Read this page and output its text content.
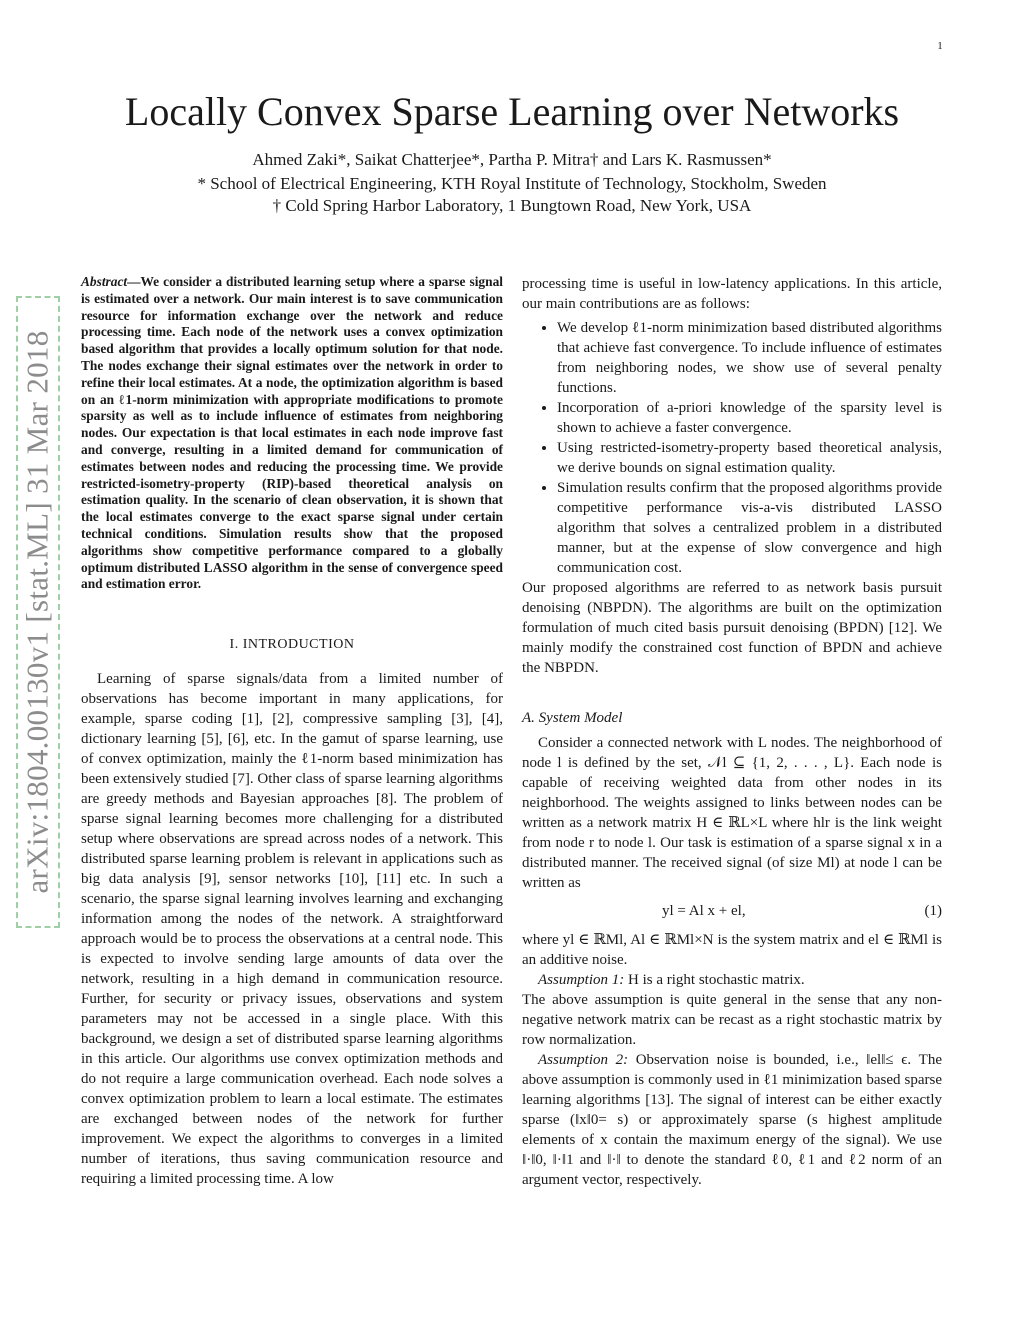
1
arXiv:1804.00130v1 [stat.ML] 31 Mar 2018
Locally Convex Sparse Learning over Networks
Ahmed Zaki*, Saikat Chatterjee*, Partha P. Mitra† and Lars K. Rasmussen*
* School of Electrical Engineering, KTH Royal Institute of Technology, Stockholm, Sweden
† Cold Spring Harbor Laboratory, 1 Bungtown Road, New York, USA

Abstract—We consider a distributed learning setup where a sparse signal is estimated over a network. Our main interest is to save communication resource for information exchange over the network and reduce processing time. Each node of the network uses a convex optimization based algorithm that provides a locally optimum solution for that node. The nodes exchange their signal estimates over the network in order to refine their local estimates. At a node, the optimization algorithm is based on an ℓ1-norm minimization with appropriate modifications to promote sparsity as well as to include influence of estimates from neighboring nodes. Our expectation is that local estimates in each node improve fast and converge, resulting in a limited demand for communication of estimates between nodes and reducing the processing time. We provide restricted-isometry-property (RIP)-based theoretical analysis on estimation quality. In the scenario of clean observation, it is shown that the local estimates converge to the exact sparse signal under certain technical conditions. Simulation results show that the proposed algorithms show competitive performance compared to a globally optimum distributed LASSO algorithm in the sense of convergence speed and estimation error.

I. INTRODUCTION

Learning of sparse signals/data from a limited number of observations has become important in many applications, for example, sparse coding [1], [2], compressive sampling [3], [4], dictionary learning [5], [6], etc. In the gamut of sparse learning, use of convex optimization, mainly the ℓ1-norm based minimization has been extensively studied [7]. Other class of sparse learning algorithms are greedy methods and Bayesian approaches [8]. The problem of sparse signal learning becomes more challenging for a distributed setup where observations are spread across nodes of a network. This distributed sparse learning problem is relevant in applications such as big data analysis [9], sensor networks [10], [11] etc. In such a scenario, the sparse signal learning involves learning and exchanging information among the nodes of the network. A straightforward approach would be to process the observations at a central node. This is expected to involve sending large amounts of data over the network, resulting in a high demand in communication resource. Further, for security or privacy issues, observations and system parameters may not be accessed in a single place. With this background, we design a set of distributed sparse learning algorithms in this article. Our algorithms use convex optimization methods and do not require a large communication overhead. Each node solves a convex optimization problem to learn a local estimate. The estimates are exchanged between nodes of the network for further improvement. We expect the algorithms to converges in a limited number of iterations, thus saving communication resource and requiring a limited processing time. A low

processing time is useful in low-latency applications. In this article, our main contributions are as follows:

• We develop ℓ1-norm minimization based distributed algorithms that achieve fast convergence. To include influence of estimates from neighboring nodes, we show use of several penalty functions.
• Incorporation of a-priori knowledge of the sparsity level is shown to achieve a faster convergence.
• Using restricted-isometry-property based theoretical analysis, we derive bounds on signal estimation quality.
• Simulation results confirm that the proposed algorithms provide competitive performance vis-a-vis distributed LASSO algorithm that solves a centralized problem in a distributed manner, but at the expense of slow convergence and high communication cost.

Our proposed algorithms are referred to as network basis pursuit denoising (NBPDN). The algorithms are built on the optimization formulation of much cited basis pursuit denoising (BPDN) [12]. We mainly modify the constrained cost function of BPDN and achieve the NBPDN.

A. System Model

Consider a connected network with L nodes. The neighborhood of node l is defined by the set, 𝒩l ⊆ {1, 2, . . . , L}. Each node is capable of receiving weighted data from other nodes in its neighborhood. The weights assigned to links between nodes can be written as a network matrix H ∈ ℝL×L where hlr is the link weight from node r to node l. Our task is estimation of a sparse signal x in a distributed manner. The received signal (of size Ml) at node l can be written as

yl = Al x + el,	(1)

where yl ∈ ℝMl, Al ∈ ℝMl×N is the system matrix and el ∈ ℝMl is an additive noise.

Assumption 1: H is a right stochastic matrix.

The above assumption is quite general in the sense that any non-negative network matrix can be recast as a right stochastic matrix by row normalization.

Assumption 2: Observation noise is bounded, i.e., ‖el‖≤ ϵ. The above assumption is commonly used in ℓ1 minimization based sparse learning algorithms [13]. The signal of interest can be either exactly sparse (‖x‖0= s) or approximately sparse (s highest amplitude elements of x contain the maximum energy of the signal). We use ‖·‖0, ‖·‖1 and ‖·‖ to denote the standard ℓ0, ℓ1 and ℓ2 norm of an argument vector, respectively.
